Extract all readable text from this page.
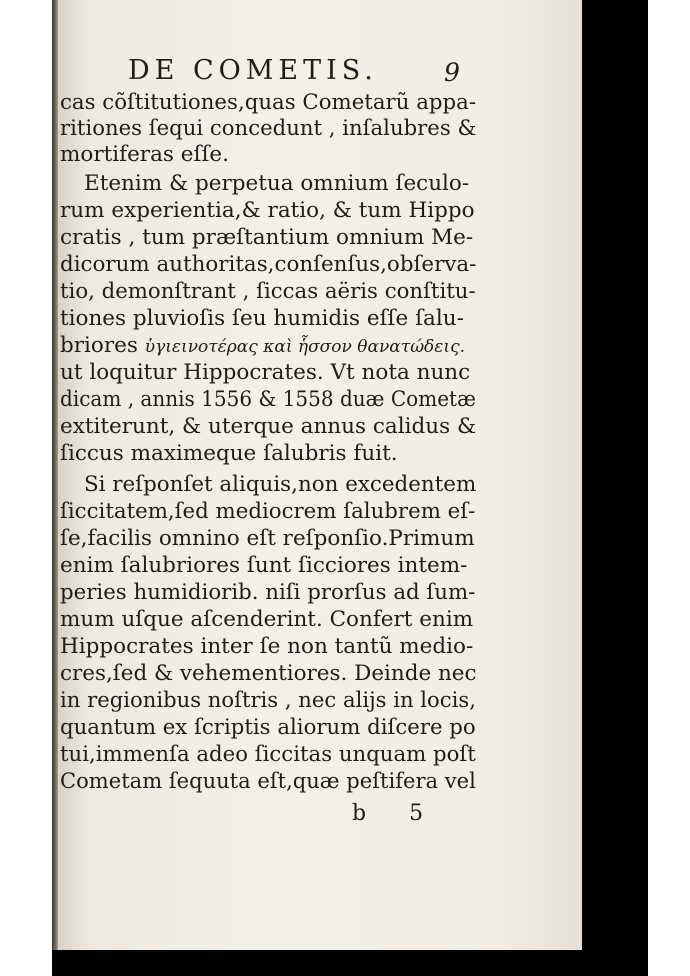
DE COMETIS.	9
cas cõſtitutiones,quas Cometarũ appa-
ritiones ſequi concedunt , inſalubres &
mortiferas eſſe.
Etenim & perpetua omnium ſeculo-
rum experientia,& ratio, & tum Hippo
cratis , tum præſtantium omnium Me-
dicorum authoritas,conſenſus,obſerva-
tio, demonſtrant , ſiccas aëris conſtitu-
tiones pluvioſis ſeu humidis eſſe ſalu-
briores ὑγιεινοτέρας καὶ ἧσσον θανατώδεις.
ut loquitur Hippocrates. Vt nota nunc
dicam , annis 1556 & 1558 duæ Cometæ
extiterunt, & uterque annus calidus &
ſiccus maximeque ſalubris fuit.
Si reſponſet aliquis,non excedentem
ſiccitatem,ſed mediocrem ſalubrem eſ-
ſe,facilis omnino eſt reſponſio.Primum
enim ſalubriores ſunt ſicciores intem-
peries humidiorib. niſi prorſus ad ſum-
mum uſque aſcenderint. Confert enim
Hippocrates inter ſe non tantũ medio-
cres,ſed & vehementiores. Deinde nec
in regionibus noſtris , nec alijs in locis,
quantum ex ſcriptis aliorum diſcere po
tui,immenſa adeo ſiccitas unquam poſt
Cometam ſequuta eſt,quæ peſtifera vel
b 5
